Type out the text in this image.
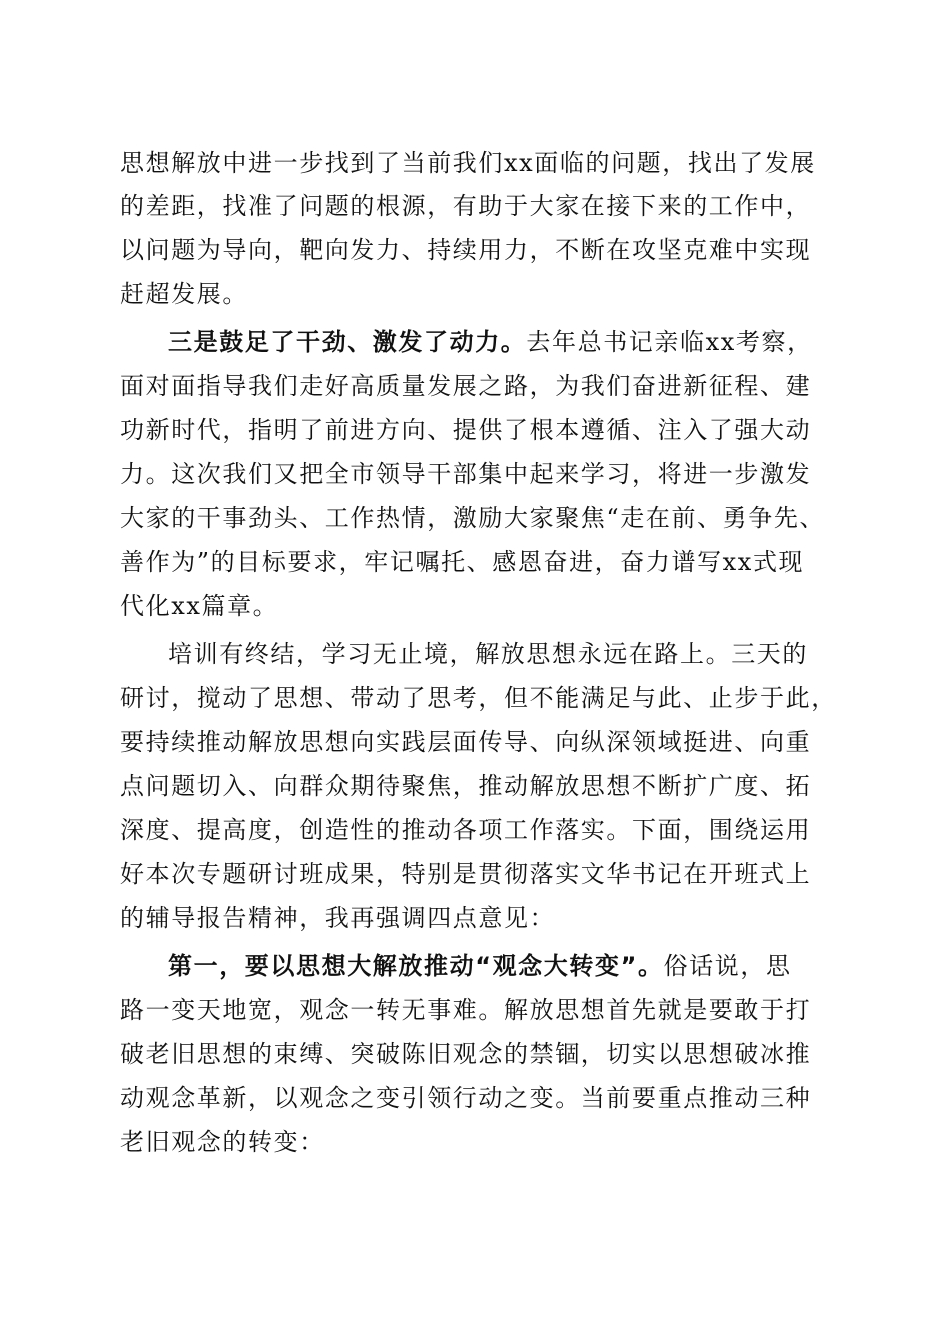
思想解放中进一步找到了当前我们xx面临的问题，找出了发展
的差距，找准了问题的根源，有助于大家在接下来的工作中，
以问题为导向，靶向发力、持续用力，不断在攻坚克难中实现
赶超发展。
三是鼓足了干劲、激发了动力。去年总书记亲临xx考察，
面对面指导我们走好高质量发展之路，为我们奋进新征程、建
功新时代，指明了前进方向、提供了根本遵循、注入了强大动
力。这次我们又把全市领导干部集中起来学习，将进一步激发
大家的干事劲头、工作热情，激励大家聚焦“走在前、勇争先、
善作为”的目标要求，牢记嘱托、感恩奋进，奋力谱写xx式现
代化xx篇章。
培训有终结，学习无止境，解放思想永远在路上。三天的
研讨，搅动了思想、带动了思考，但不能满足与此、止步于此，
要持续推动解放思想向实践层面传导、向纵深领域挺进、向重
点问题切入、向群众期待聚焦，推动解放思想不断扩广度、拓
深度、提高度，创造性的推动各项工作落实。下面，围绕运用
好本次专题研讨班成果，特别是贯彻落实文华书记在开班式上
的辅导报告精神，我再强调四点意见：
第一，要以思想大解放推动“观念大转变”。俗话说，思
路一变天地宽，观念一转无事难。解放思想首先就是要敢于打
破老旧思想的束缚、突破陈旧观念的禁锢，切实以思想破冰推
动观念革新，以观念之变引领行动之变。当前要重点推动三种
老旧观念的转变：
